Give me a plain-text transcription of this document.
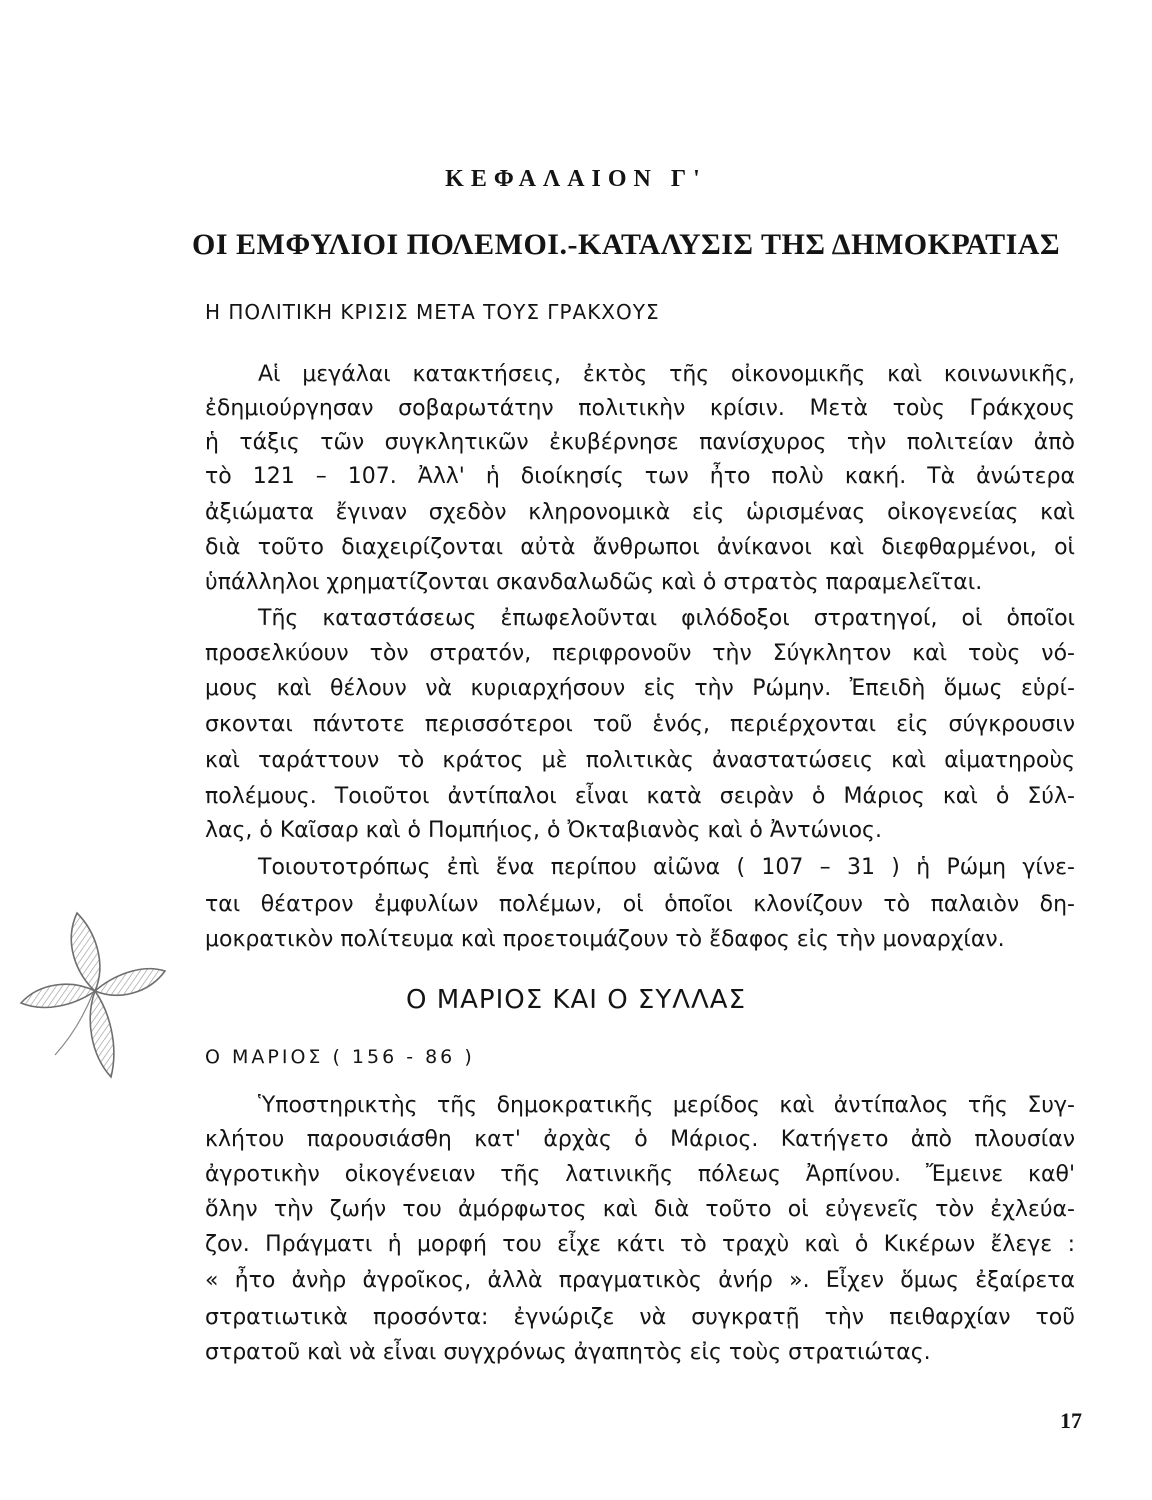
ΚΕΦΑΛΑΙΟΝ Γ'
ΟΙ ΕΜΦΥΛΙΟΙ ΠΟΛΕΜΟΙ.-ΚΑΤΑΛΥΣΙΣ ΤΗΣ ΔΗΜΟΚΡΑΤΙΑΣ
Η ΠΟΛΙΤΙΚΗ ΚΡΙΣΙΣ ΜΕΤΑ ΤΟΥΣ ΓΡΑΚΧΟΥΣ
Αἱ μεγάλαι κατακτήσεις, ἐκτὸς τῆς οἰκονομικῆς καὶ κοινωνικῆς,
ἐδημιούργησαν σοβαρωτάτην πολιτικὴν κρίσιν. Μετὰ τοὺς Γράκχους
ἡ τάξις τῶν συγκλητικῶν ἐκυβέρνησε πανίσχυρος τὴν πολιτείαν ἀπὸ
τὸ 121 – 107. Ἀλλ' ἡ διοίκησίς των ἦτο πολὺ κακή. Τὰ ἀνώτερα
ἀξιώματα ἔγιναν σχεδὸν κληρονομικὰ εἰς ὡρισμένας οἰκογενείας καὶ
διὰ τοῦτο διαχειρίζονται αὐτὰ ἄνθρωποι ἀνίκανοι καὶ διεφθαρμένοι, οἱ
ὑπάλληλοι χρηματίζονται σκανδαλωδῶς καὶ ὁ στρατὸς παραμελεῖται.
Τῆς καταστάσεως ἐπωφελοῦνται φιλόδοξοι στρατηγοί, οἱ ὁποῖοι
προσελκύουν τὸν στρατόν, περιφρονοῦν τὴν Σύγκλητον καὶ τοὺς νό-
μους καὶ θέλουν νὰ κυριαρχήσουν εἰς τὴν Ρώμην. Ἐπειδὴ ὅμως εὑρί-
σκονται πάντοτε περισσότεροι τοῦ ἑνός, περιέρχονται εἰς σύγκρουσιν
καὶ ταράττουν τὸ κράτος μὲ πολιτικὰς ἀναστατώσεις καὶ αἱματηροὺς
πολέμους. Τοιοῦτοι ἀντίπαλοι εἶναι κατὰ σειρὰν ὁ Μάριος καὶ ὁ Σύλ-
λας, ὁ Καῖσαρ καὶ ὁ Πομπήιος, ὁ Ὀκταβιανὸς καὶ ὁ Ἀντώνιος.
Τοιουτοτρόπως ἐπὶ ἕνα περίπου αἰῶνα ( 107 – 31 ) ἡ Ρώμη γίνε-
ται θέατρον ἐμφυλίων πολέμων, οἱ ὁποῖοι κλονίζουν τὸ παλαιὸν δη-
μοκρατικὸν πολίτευμα καὶ προετοιμάζουν τὸ ἔδαφος εἰς τὴν μοναρχίαν.
Ο ΜΑΡΙΟΣ ΚΑΙ Ο ΣΥΛΛΑΣ
Ο ΜΑΡΙΟΣ ( 156 - 86 )
Ὑποστηρικτὴς τῆς δημοκρατικῆς μερίδος καὶ ἀντίπαλος τῆς Συγ-
κλήτου παρουσιάσθη κατ' ἀρχὰς ὁ Μάριος. Κατήγετο ἀπὸ πλουσίαν
ἀγροτικὴν οἰκογένειαν τῆς λατινικῆς πόλεως Ἀρπίνου. Ἔμεινε καθ'
ὅλην τὴν ζωήν του ἀμόρφωτος καὶ διὰ τοῦτο οἱ εὐγενεῖς τὸν ἐχλεύα-
ζον. Πράγματι ἡ μορφή του εἶχε κάτι τὸ τραχὺ καὶ ὁ Κικέρων ἔλεγε :
« ἦτο ἀνὴρ ἀγροῖκος, ἀλλὰ πραγματικὸς ἀνήρ ». Εἶχεν ὅμως ἐξαίρετα
στρατιωτικὰ προσόντα: ἐγνώριζε νὰ συγκρατῇ τὴν πειθαρχίαν τοῦ
στρατοῦ καὶ νὰ εἶναι συγχρόνως ἀγαπητὸς εἰς τοὺς στρατιώτας.
17
